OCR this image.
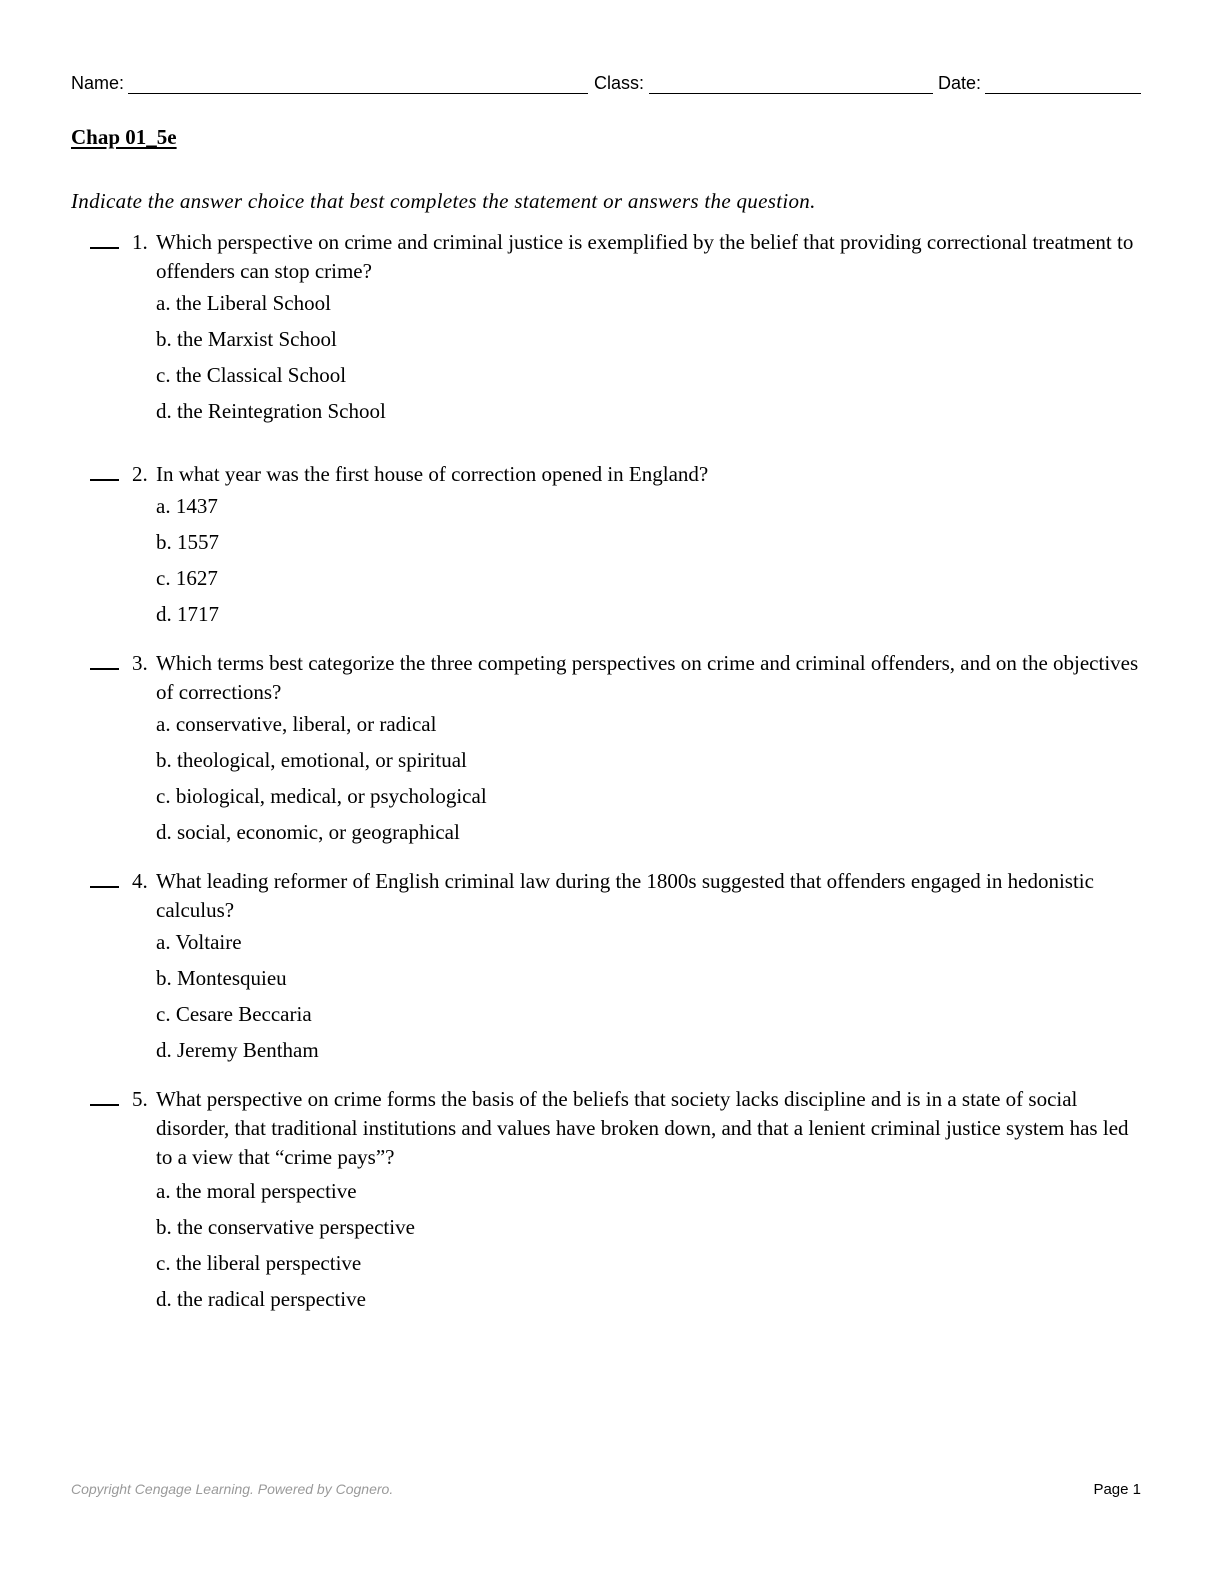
Name:	Class:	Date:
Chap 01_5e
Indicate the answer choice that best completes the statement or answers the question.
1. Which perspective on crime and criminal justice is exemplified by the belief that providing correctional treatment to offenders can stop crime?
a. the Liberal School
b. the Marxist School
c. the Classical School
d. the Reintegration School
2. In what year was the first house of correction opened in England?
a. 1437
b. 1557
c. 1627
d. 1717
3. Which terms best categorize the three competing perspectives on crime and criminal offenders, and on the objectives of corrections?
a. conservative, liberal, or radical
b. theological, emotional, or spiritual
c. biological, medical, or psychological
d. social, economic, or geographical
4. What leading reformer of English criminal law during the 1800s suggested that offenders engaged in hedonistic calculus?
a. Voltaire
b. Montesquieu
c. Cesare Beccaria
d. Jeremy Bentham
5. What perspective on crime forms the basis of the beliefs that society lacks discipline and is in a state of social disorder, that traditional institutions and values have broken down, and that a lenient criminal justice system has led to a view that “crime pays”?
a. the moral perspective
b. the conservative perspective
c. the liberal perspective
d. the radical perspective
Copyright Cengage Learning. Powered by Cognero.	Page 1
